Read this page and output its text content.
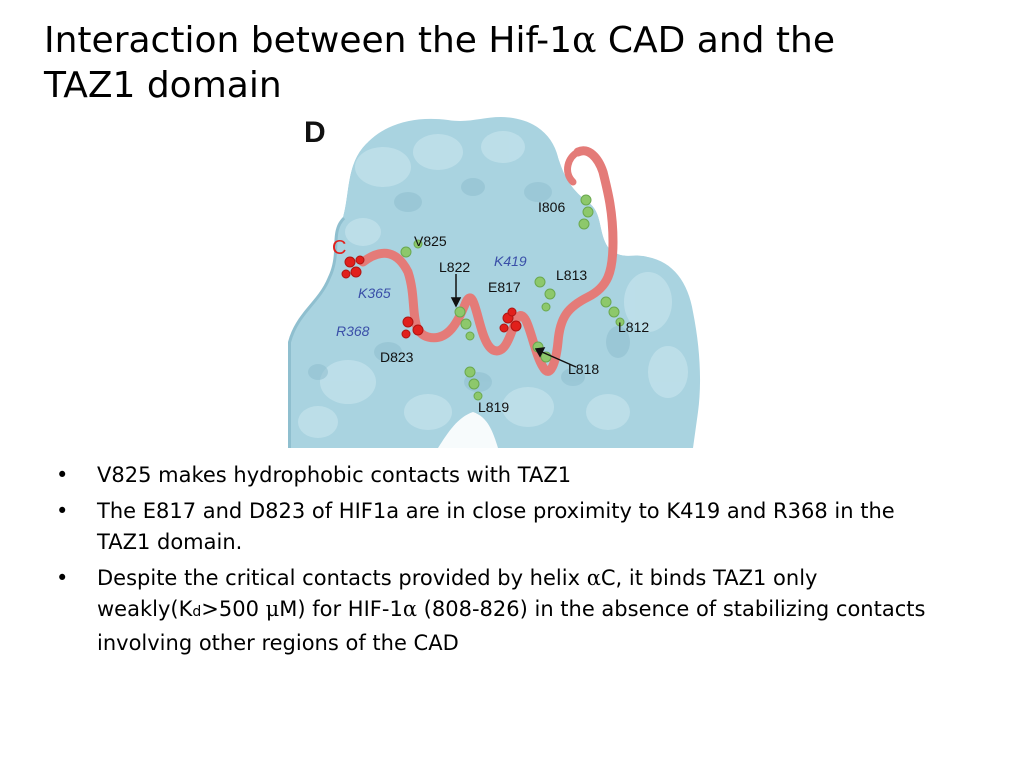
Interaction between the Hif-1α CAD and the
TAZ1 domain
D
C
I806
V825
L822 K419
L813
E817
K365
R368
D823
L812
L818
L819
• V825 makes hydrophobic contacts with TAZ1
• The E817 and D823 of HIF1a are in close proximity to K419 and R368 in the TAZ1 domain.
• Despite the critical contacts provided by helix αC, it binds TAZ1 only weakly(Kd>500 μM) for HIF-1α (808-826) in the absence of stabilizing contacts involving other regions of the CAD
